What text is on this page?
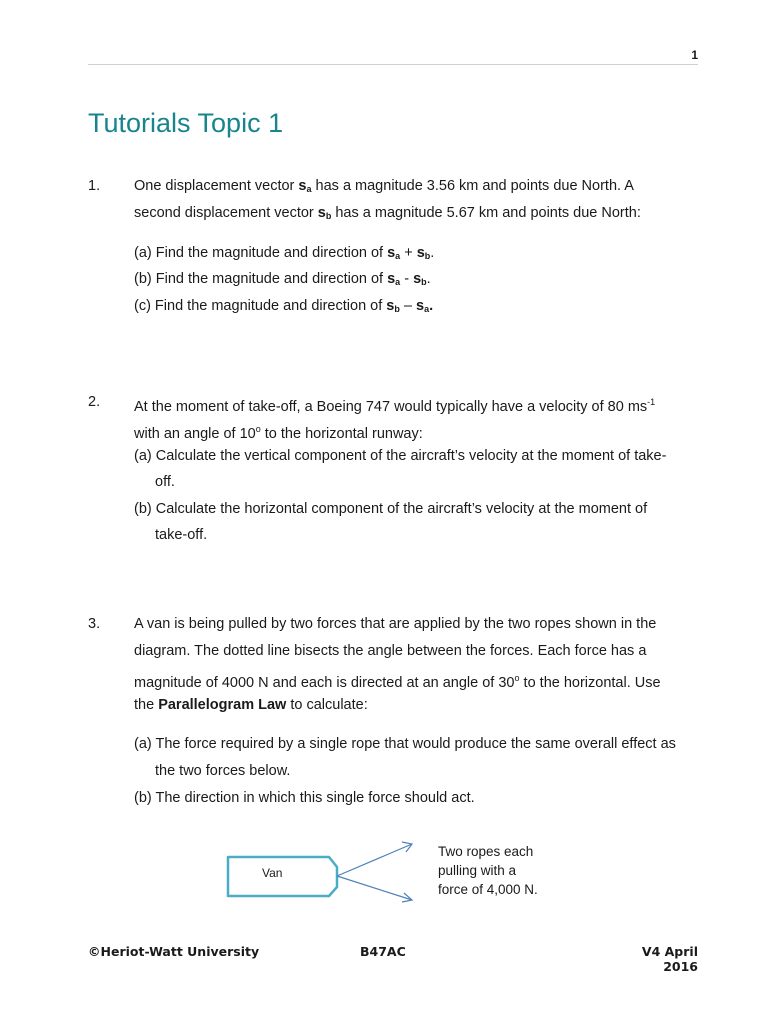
1
Tutorials Topic 1
1. One displacement vector $s_a$ has a magnitude 3.56 km and points due North. A
second displacement vector $s_b$ has a magnitude 5.67 km and points due North:
(a) Find the magnitude and direction of $s_a + s_b$.
(b) Find the magnitude and direction of $s_a - s_b$.
(c) Find the magnitude and direction of $s_b - s_a$.
2. At the moment of take-off, a Boeing 747 would typically have a velocity of 80 $ms^{-1}$
with an angle of 10$^o$ to the horizontal runway:
(a) Calculate the vertical component of the aircraft’s velocity at the moment of take-
off.
(b) Calculate the horizontal component of the aircraft’s velocity at the moment of
take-off.
3. A van is being pulled by two forces that are applied by the two ropes shown in the
diagram. The dotted line bisects the angle between the forces. Each force has a
magnitude of 4000 N and each is directed at an angle of 30$^o$ to the horizontal. Use
the Parallelogram Law to calculate:
(a) The force required by a single rope that would produce the same overall effect as
the two forces below.
(b) The direction in which this single force should act.
Van
Two ropes each
pulling with a
force of 4,000 N.
©Heriot-Watt University	B47AC	V4 April 2016
